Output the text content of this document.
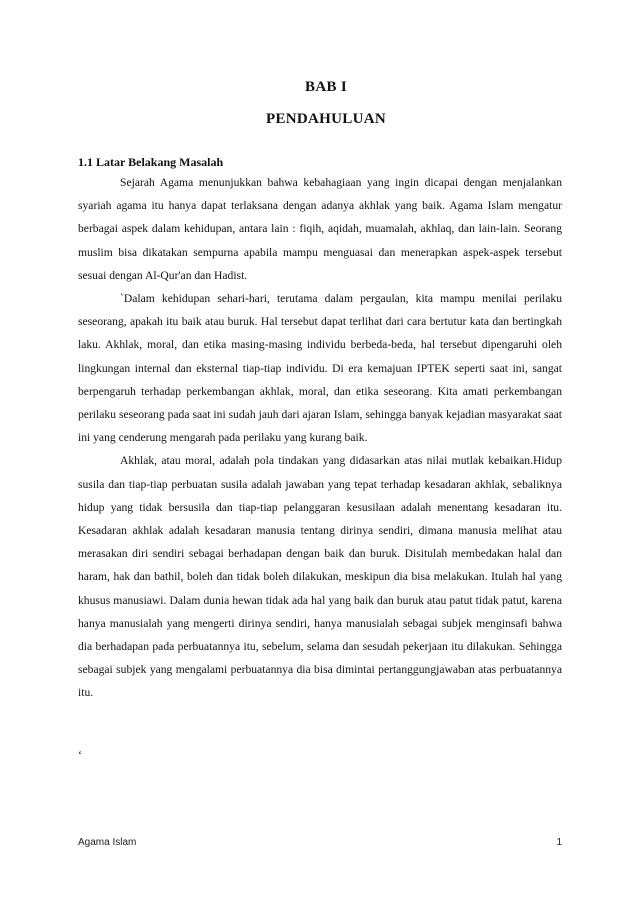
BAB I
PENDAHULUAN
1.1 Latar Belakang Masalah

Sejarah Agama menunjukkan bahwa kebahagiaan yang ingin dicapai dengan menjalankan syariah agama itu hanya dapat terlaksana dengan adanya akhlak yang baik. Agama Islam mengatur berbagai aspek dalam kehidupan, antara lain : fiqih, aqidah, muamalah, akhlaq, dan lain-lain. Seorang muslim bisa dikatakan sempurna apabila mampu menguasai dan menerapkan aspek-aspek tersebut sesuai dengan Al-Qur'an dan Hadist.

`Dalam kehidupan sehari-hari, terutama dalam pergaulan, kita mampu menilai perilaku seseorang, apakah itu baik atau buruk. Hal tersebut dapat terlihat dari cara bertutur kata dan bertingkah laku. Akhlak, moral, dan etika masing-masing individu berbeda-beda, hal tersebut dipengaruhi oleh lingkungan internal dan eksternal tiap-tiap individu. Di era kemajuan IPTEK seperti saat ini, sangat berpengaruh terhadap perkembangan akhlak, moral, dan etika seseorang. Kita amati perkembangan perilaku seseorang pada saat ini sudah jauh dari ajaran Islam, sehingga banyak kejadian masyarakat saat ini yang cenderung mengarah pada perilaku yang kurang baik.

Akhlak, atau moral, adalah pola tindakan yang didasarkan atas nilai mutlak kebaikan.Hidup susila dan tiap-tiap perbuatan susila adalah jawaban yang tepat terhadap kesadaran akhlak, sebaliknya hidup yang tidak bersusila dan tiap-tiap pelanggaran kesusilaan adalah menentang kesadaran itu. Kesadaran akhlak adalah kesadaran manusia tentang dirinya sendiri, dimana manusia melihat atau merasakan diri sendiri sebagai berhadapan dengan baik dan buruk. Disitulah membedakan halal dan haram, hak dan bathil, boleh dan tidak boleh dilakukan, meskipun dia bisa melakukan. Itulah hal yang khusus manusiawi. Dalam dunia hewan tidak ada hal yang baik dan buruk atau patut tidak patut, karena hanya manusialah yang mengerti dirinya sendiri, hanya manusialah sebagai subjek menginsafi bahwa dia berhadapan pada perbuatannya itu, sebelum, selama dan sesudah pekerjaan itu dilakukan. Sehingga sebagai subjek yang mengalami perbuatannya dia bisa dimintai pertanggungjawaban atas perbuatannya itu.

‘
Agama Islam	1
